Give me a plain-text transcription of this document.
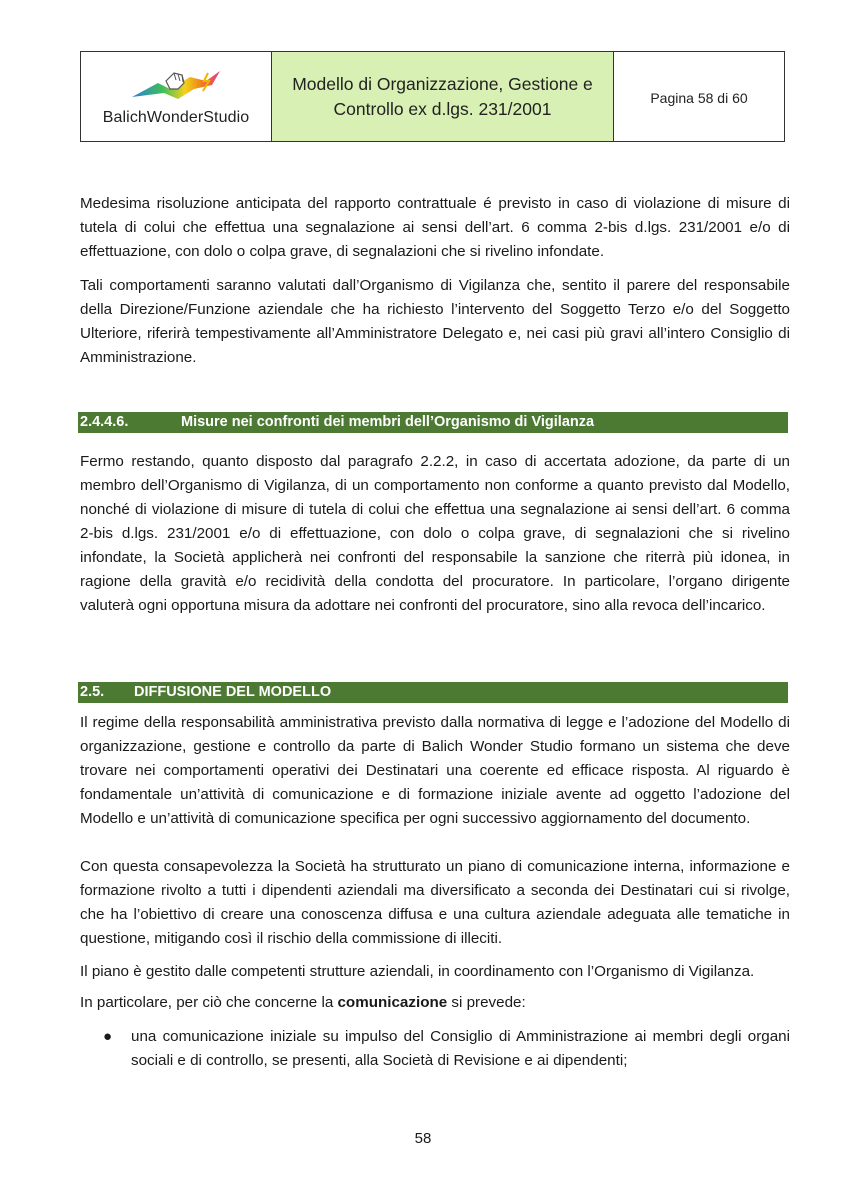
BalichWonderStudio
Modello di Organizzazione, Gestione e
Controllo ex d.lgs. 231/2001
Pagina 58 di 60

Medesima risoluzione anticipata del rapporto contrattuale é previsto in caso di violazione di misure di tutela di colui che effettua una segnalazione ai sensi dell’art. 6 comma 2-bis d.lgs. 231/2001 e/o di effettuazione, con dolo o colpa grave, di segnalazioni che si rivelino infondate.

Tali comportamenti saranno valutati dall’Organismo di Vigilanza che, sentito il parere del responsabile della Direzione/Funzione aziendale che ha richiesto l’intervento del Soggetto Terzo e/o del Soggetto Ulteriore, riferirà tempestivamente all’Amministratore Delegato e, nei casi più gravi all’intero Consiglio di Amministrazione.

2.4.4.6.	Misure nei confronti dei membri dell’Organismo di Vigilanza

Fermo restando, quanto disposto dal paragrafo 2.2.2, in caso di accertata adozione, da parte di un membro dell’Organismo di Vigilanza, di un comportamento non conforme a quanto previsto dal Modello, nonché di violazione di misure di tutela di colui che effettua una segnalazione ai sensi dell’art. 6 comma 2-bis d.lgs. 231/2001 e/o di effettuazione, con dolo o colpa grave, di segnalazioni che si rivelino infondate, la Società applicherà nei confronti del responsabile la sanzione che riterrà più idonea, in ragione della gravità e/o recidività della condotta del procuratore. In particolare, l’organo dirigente valuterà ogni opportuna misura da adottare nei confronti del procuratore, sino alla revoca dell’incarico.

2.5.	DIFFUSIONE DEL MODELLO

Il regime della responsabilità amministrativa previsto dalla normativa di legge e l’adozione del Modello di organizzazione, gestione e controllo da parte di Balich Wonder Studio formano un sistema che deve trovare nei comportamenti operativi dei Destinatari una coerente ed efficace risposta. Al riguardo è fondamentale un’attività di comunicazione e di formazione iniziale avente ad oggetto l’adozione del Modello e un’attività di comunicazione specifica per ogni successivo aggiornamento del documento.

Con questa consapevolezza la Società ha strutturato un piano di comunicazione interna, informazione e formazione rivolto a tutti i dipendenti aziendali ma diversificato a seconda dei Destinatari cui si rivolge, che ha l’obiettivo di creare una conoscenza diffusa e una cultura aziendale adeguata alle tematiche in questione, mitigando così il rischio della commissione di illeciti.

Il piano è gestito dalle competenti strutture aziendali, in coordinamento con l’Organismo di Vigilanza.

In particolare, per ciò che concerne la comunicazione si prevede:

●	una comunicazione iniziale su impulso del Consiglio di Amministrazione ai membri degli organi sociali e di controllo, se presenti, alla Società di Revisione e ai dipendenti;

58
